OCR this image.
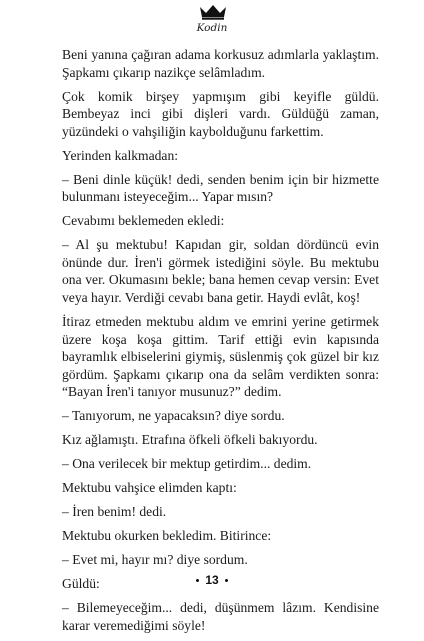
Kodin

Beni yanına çağıran adama korkusuz adımlarla yaklaştım. Şapkamı çıkarıp nazikçe selâmladım.

Çok komik birşey yapmışım gibi keyifle güldü. Bembeyaz inci gibi dişleri vardı. Güldüğü zaman, yüzündeki o vahşiliğin kaybolduğunu farkettim.

Yerinden kalkmadan:

– Beni dinle küçük! dedi, senden benim için bir hizmette bulunmanı isteyeceğim... Yapar mısın?

Cevabımı beklemeden ekledi:

– Al şu mektubu! Kapıdan gir, soldan dördüncü evin önünde dur. İren'i görmek istediğini söyle. Bu mektubu ona ver. Okumasını bekle; bana hemen cevap versin: Evet veya hayır. Verdiği cevabı bana getir. Haydi evlât, koş!

İtiraz etmeden mektubu aldım ve emrini yerine getirmek üzere koşa koşa gittim. Tarif ettiği evin kapısında bayramlık elbiselerini giymiş, süslenmiş çok güzel bir kız gördüm. Şapkamı çıkarıp ona da selâm verdikten sonra: “Bayan İren'i tanıyor musunuz?” dedim.

– Tanıyorum, ne yapacaksın? diye sordu.

Kız ağlamıştı. Etrafına öfkeli öfkeli bakıyordu.

– Ona verilecek bir mektup getirdim... dedim.

Mektubu vahşice elimden kaptı:

– İren benim! dedi.

Mektubu okurken bekledim. Bitirince:

– Evet mi, hayır mı? diye sordum.

Güldü:

– Bilemeyeceğim... dedi, düşünmem lâzım. Kendisine karar veremediğimi söyle!

13
